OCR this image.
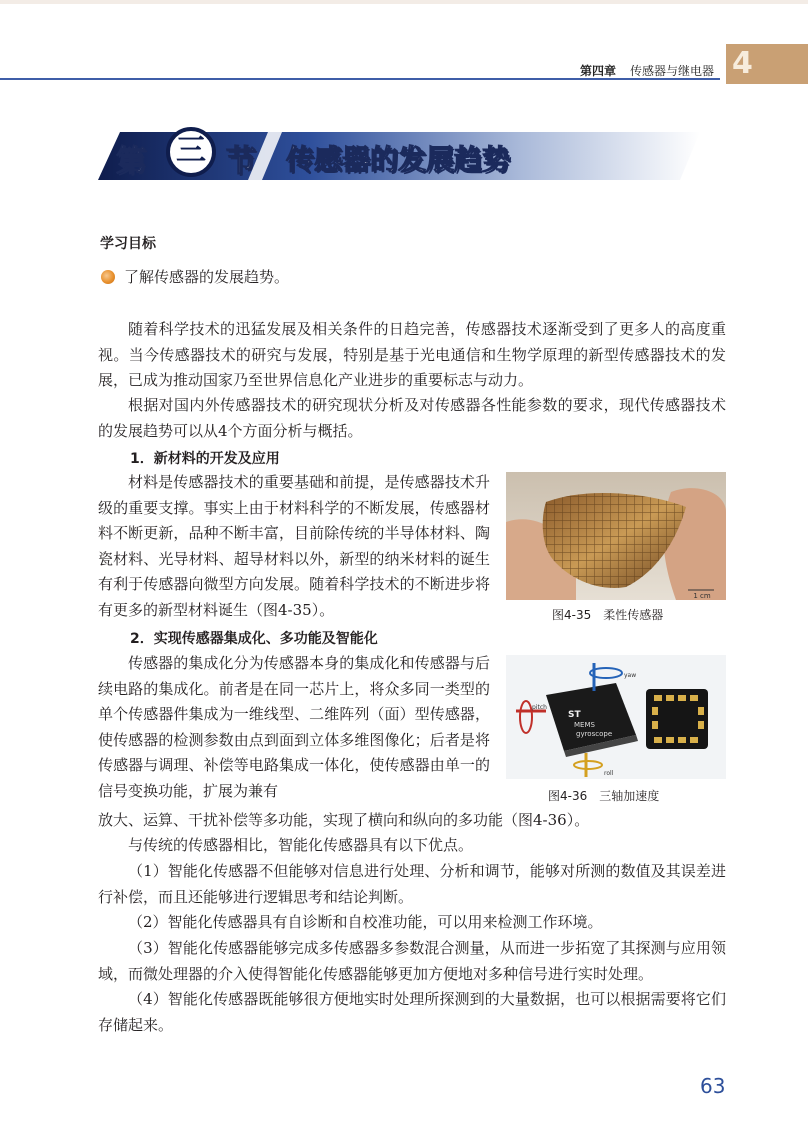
第四章 传感器与继电器 4
第	三 节 传感器的发展趋势
学习目标
了解传感器的发展趋势。

随着科学技术的迅猛发展及相关条件的日趋完善，传感器技术逐渐受到了更多人的高度重视。当今传感器技术的研究与发展，特别是基于光电通信和生物学原理的新型传感器技术的发展，已成为推动国家乃至世界信息化产业进步的重要标志与动力。

根据对国内外传感器技术的研究现状分析及对传感器各性能参数的要求，现代传感器技术的发展趋势可以从4个方面分析与概括。

1．新材料的开发及应用

材料是传感器技术的重要基础和前提，是传感器技术升级的重要支撑。事实上由于材料科学的不断发展，传感器材料不断更新，品种不断丰富，目前除传统的半导体材料、陶瓷材料、光导材料、超导材料以外，新型的纳米材料的诞生有利于传感器向微型方向发展。随着科学技术的不断进步将有更多的新型材料诞生（图4-35）。

1 cm
图4-35 柔性传感器
2．实现传感器集成化、多功能及智能化

传感器的集成化分为传感器本身的集成化和传感器与后续电路的集成化。前者是在同一芯片上，将众多同一类型的单个传感器件集成为一维线型、二维阵列（面）型传感器，使传感器的检测参数由点到面到立体多维图像化；后者是将传感器与调理、补偿等电路集成一体化，使传感器由单一的信号变换功能，扩展为兼有

ST
MEMS
gyroscope
yaw
pitch
roll
图4-36 三轴加速度

放大、运算、干扰补偿等多功能，实现了横向和纵向的多功能（图4-36）。

与传统的传感器相比，智能化传感器具有以下优点。

（1）智能化传感器不但能够对信息进行处理、分析和调节，能够对所测的数值及其误差进行补偿，而且还能够进行逻辑思考和结论判断。

（2）智能化传感器具有自诊断和自校准功能，可以用来检测工作环境。

（3）智能化传感器能够完成多传感器多参数混合测量，从而进一步拓宽了其探测与应用领域，而微处理器的介入使得智能化传感器能够更加方便地对多种信号进行实时处理。

（4）智能化传感器既能够很方便地实时处理所探测到的大量数据，也可以根据需要将它们存储起来。

63
